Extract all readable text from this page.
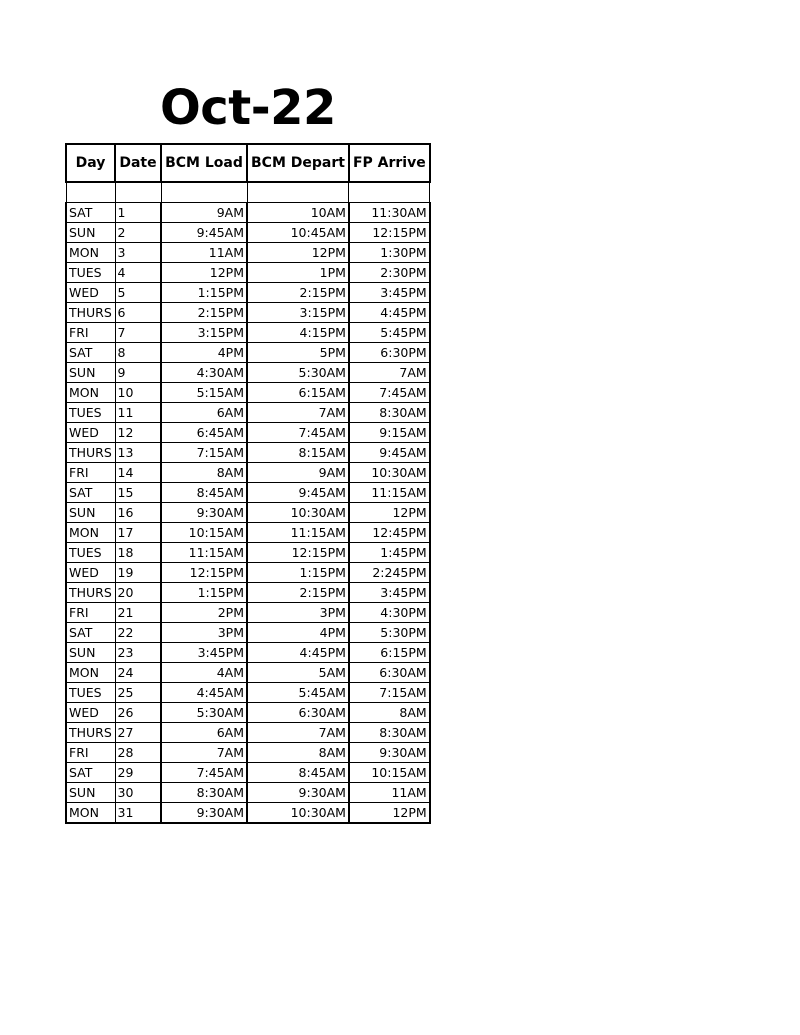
Oct-22
Day	Date	BCM Load	BCM Depart	FP Arrive

SAT	1	9AM	10AM	11:30AM
SUN	2	9:45AM	10:45AM	12:15PM
MON	3	11AM	12PM	1:30PM
TUES	4	12PM	1PM	2:30PM
WED	5	1:15PM	2:15PM	3:45PM
THURS	6	2:15PM	3:15PM	4:45PM
FRI	7	3:15PM	4:15PM	5:45PM
SAT	8	4PM	5PM	6:30PM
SUN	9	4:30AM	5:30AM	7AM
MON	10	5:15AM	6:15AM	7:45AM
TUES	11	6AM	7AM	8:30AM
WED	12	6:45AM	7:45AM	9:15AM
THURS	13	7:15AM	8:15AM	9:45AM
FRI	14	8AM	9AM	10:30AM
SAT	15	8:45AM	9:45AM	11:15AM
SUN	16	9:30AM	10:30AM	12PM
MON	17	10:15AM	11:15AM	12:45PM
TUES	18	11:15AM	12:15PM	1:45PM
WED	19	12:15PM	1:15PM	2:245PM
THURS	20	1:15PM	2:15PM	3:45PM
FRI	21	2PM	3PM	4:30PM
SAT	22	3PM	4PM	5:30PM
SUN	23	3:45PM	4:45PM	6:15PM
MON	24	4AM	5AM	6:30AM
TUES	25	4:45AM	5:45AM	7:15AM
WED	26	5:30AM	6:30AM	8AM
THURS	27	6AM	7AM	8:30AM
FRI	28	7AM	8AM	9:30AM
SAT	29	7:45AM	8:45AM	10:15AM
SUN	30	8:30AM	9:30AM	11AM
MON	31	9:30AM	10:30AM	12PM
